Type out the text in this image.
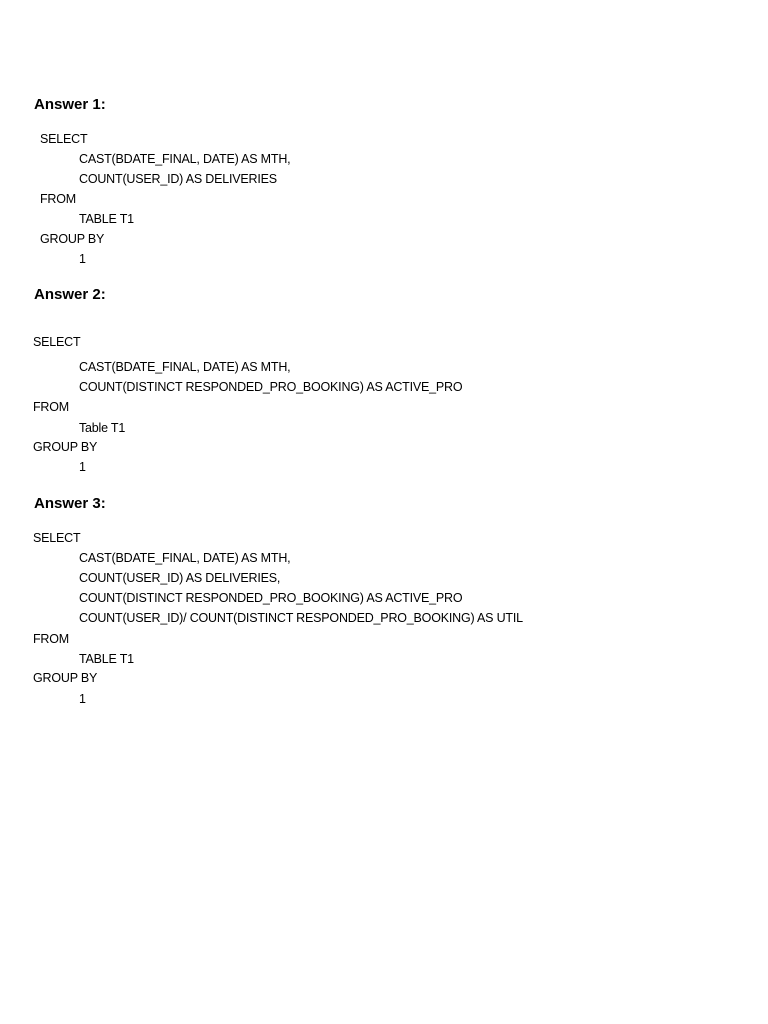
Answer 1:
SELECT
CAST(BDATE_FINAL, DATE) AS MTH,
COUNT(USER_ID) AS DELIVERIES
FROM
TABLE T1
GROUP BY
1
Answer 2:
SELECT
CAST(BDATE_FINAL, DATE) AS MTH,
COUNT(DISTINCT RESPONDED_PRO_BOOKING) AS ACTIVE_PRO
FROM
Table T1
GROUP BY
1
Answer 3:
SELECT
CAST(BDATE_FINAL, DATE) AS MTH,
COUNT(USER_ID) AS DELIVERIES,
COUNT(DISTINCT RESPONDED_PRO_BOOKING) AS ACTIVE_PRO
COUNT(USER_ID)/ COUNT(DISTINCT RESPONDED_PRO_BOOKING) AS UTIL
FROM
TABLE T1
GROUP BY
1
